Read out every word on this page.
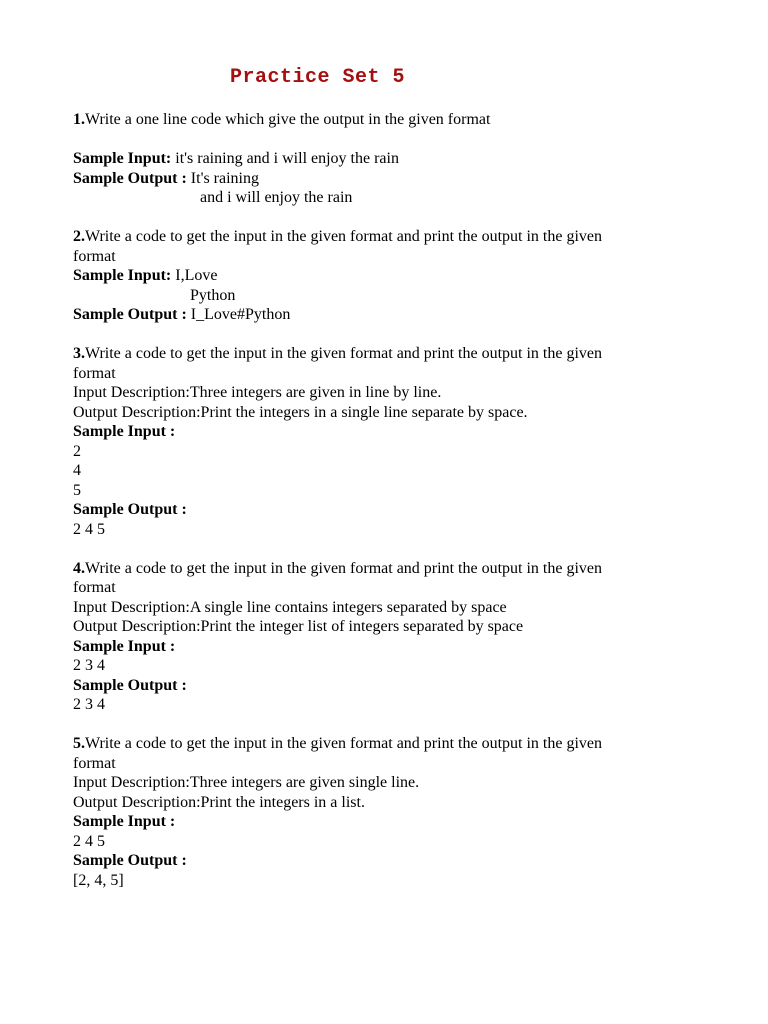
Practice Set 5
1.Write a one line code which give the output in the given format
Sample Input: it's raining and i will enjoy the rain
Sample Output : It's raining
and i will enjoy the rain
2.Write a code to get the input in the given format and print the output in the given
format
Sample Input: I,Love
Python
Sample Output : I_Love#Python
3.Write a code to get the input in the given format and print the output in the given
format
Input Description:Three integers are given in line by line.
Output Description:Print the integers in a single line separate by space.
Sample Input :
2
4
5
Sample Output :
2 4 5
4.Write a code to get the input in the given format and print the output in the given
format
Input Description:A single line contains integers separated by space
Output Description:Print the integer list of integers separated by space
Sample Input :
2 3 4
Sample Output :
2 3 4
5.Write a code to get the input in the given format and print the output in the given
format
Input Description:Three integers are given single line.
Output Description:Print the integers in a list.
Sample Input :
2 4 5
Sample Output :
[2, 4, 5]
